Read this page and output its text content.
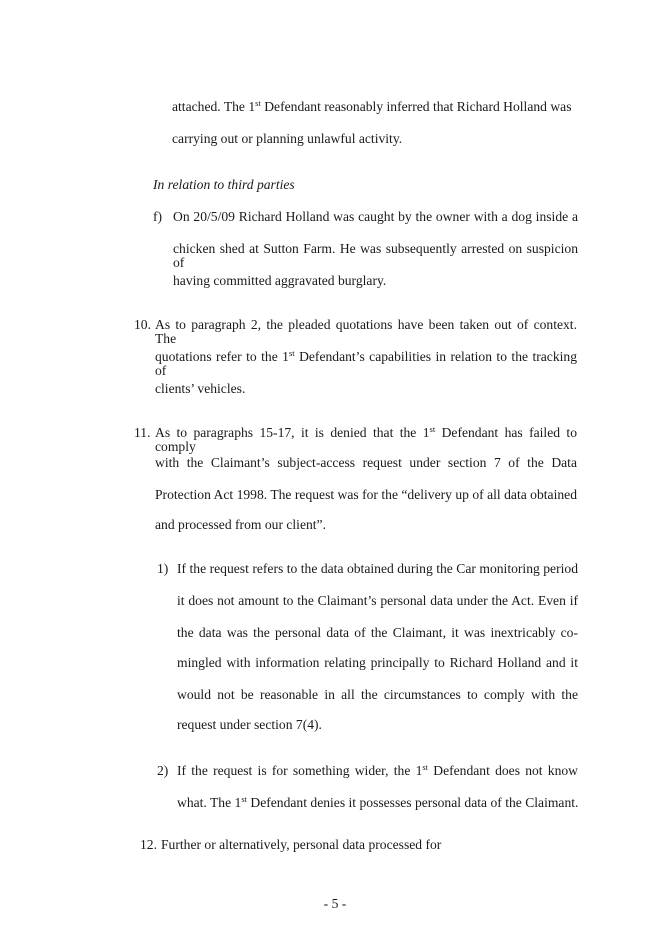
attached. The 1st Defendant reasonably inferred that Richard Holland was
carrying out or planning unlawful activity.
In relation to third parties
f) On 20/5/09 Richard Holland was caught by the owner with a dog inside a
chicken shed at Sutton Farm. He was subsequently arrested on suspicion of
having committed aggravated burglary.
10. As to paragraph 2, the pleaded quotations have been taken out of context. The
quotations refer to the 1st Defendant’s capabilities in relation to the tracking of
clients’ vehicles.
11. As to paragraphs 15-17, it is denied that the 1st Defendant has failed to comply
with the Claimant’s subject-access request under section 7 of the Data
Protection Act 1998. The request was for the “delivery up of all data obtained
and processed from our client”.
1) If the request refers to the data obtained during the Car monitoring period
it does not amount to the Claimant’s personal data under the Act. Even if
the data was the personal data of the Claimant, it was inextricably co-
mingled with information relating principally to Richard Holland and it
would not be reasonable in all the circumstances to comply with the
request under section 7(4).
2) If the request is for something wider, the 1st Defendant does not know
what. The 1st Defendant denies it possesses personal data of the Claimant.
12. Further or alternatively, personal data processed for
- 5 -
